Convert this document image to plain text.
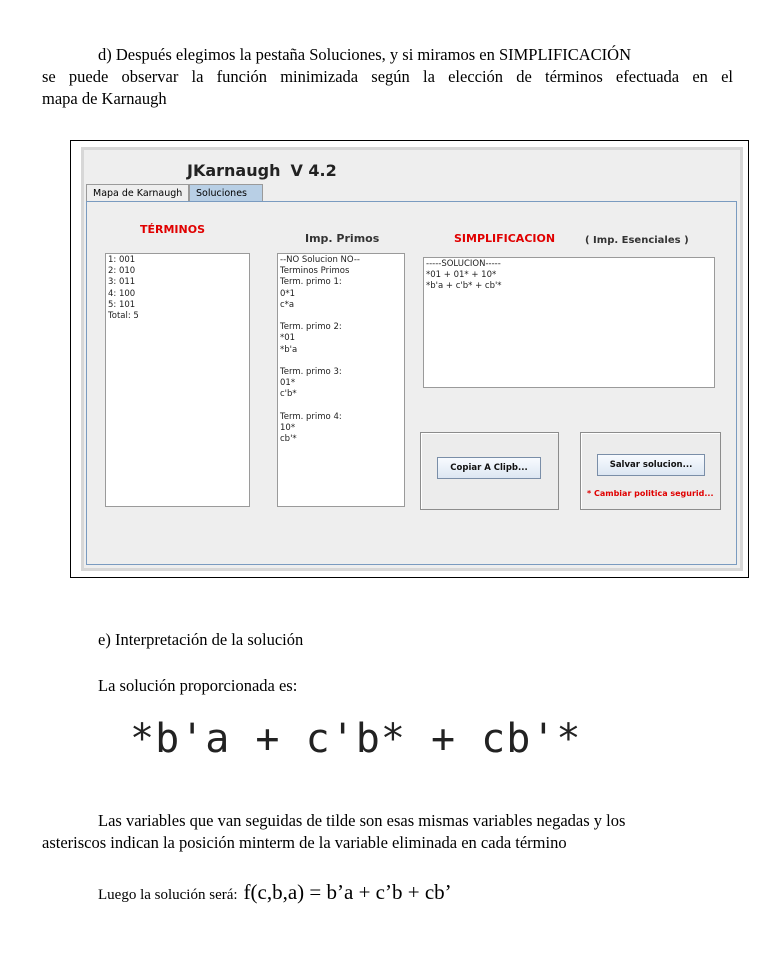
d) Después elegimos la pestaña Soluciones, y si miramos en SIMPLIFICACIÓN
se puede observar la función minimizada según la elección de términos efectuada en el
mapa de Karnaugh
JKarnaugh V 4.2
Mapa de Karnaugh	Soluciones
TÉRMINOS
Imp. Primos	SIMPLIFICACION	( Imp. Esenciales )
1: 001
2: 010
3: 011
4: 100
5: 101
Total: 5
--NO Solucion NO--
Terminos Primos
Term. primo 1:
0*1
c*a

Term. primo 2:
*01
*b'a

Term. primo 3:
01*
c'b*

Term. primo 4:
10*
cb'*
-----SOLUCION-----
*01 + 01* + 10*
*b'a + c'b* + cb'*
Copiar A Clipb...	Salvar solucion...
* Cambiar politica segurid...
e) Interpretación de la solución
La solución proporcionada es:
*b'a + c'b* + cb'*
Las variables que van seguidas de tilde son esas mismas variables negadas y los
asteriscos indican la posición minterm de la variable eliminada en cada término
Luego la solución será: f(c,b,a) = b’a + c’b + cb’
